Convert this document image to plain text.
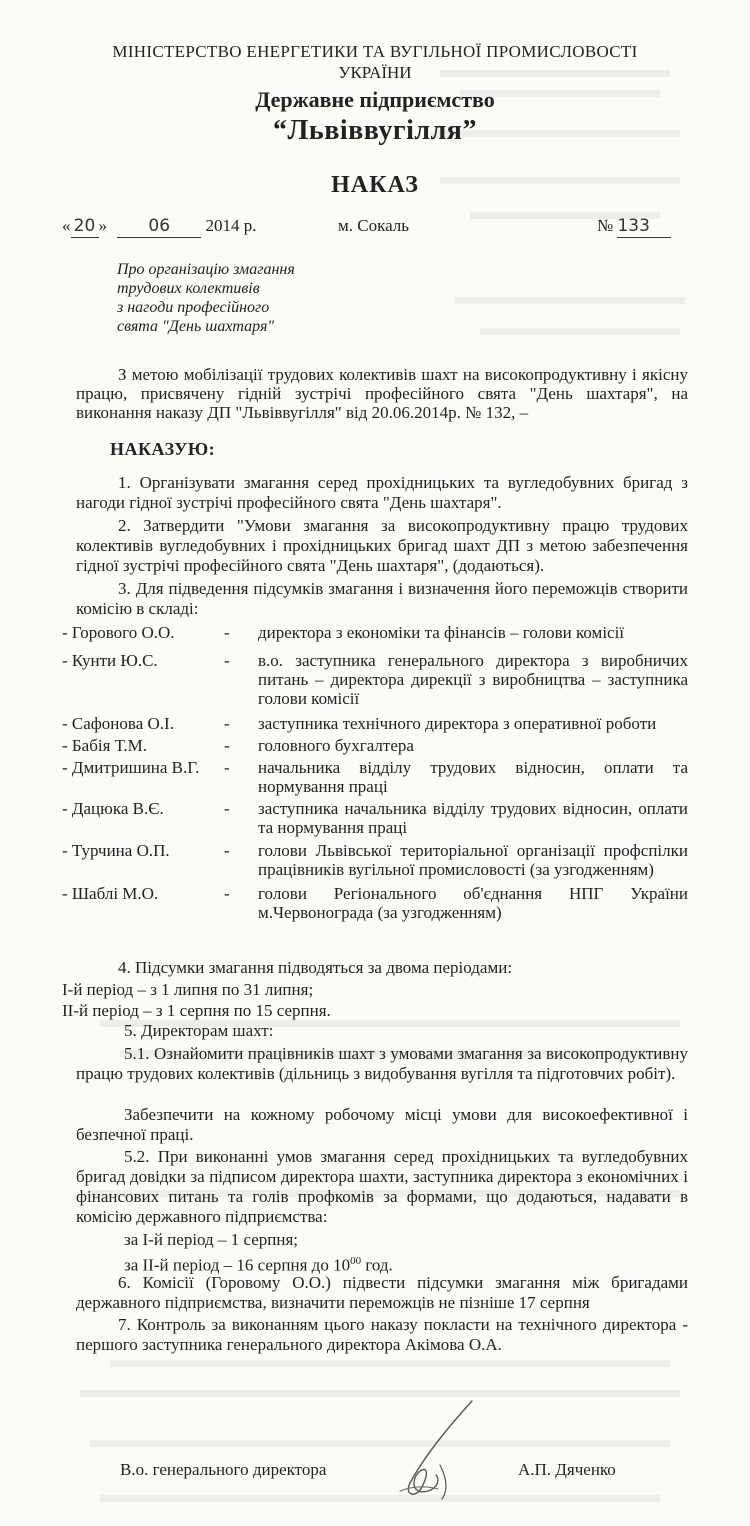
МІНІСТЕРСТВО ЕНЕРГЕТИКИ ТА ВУГІЛЬНОЇ ПРОМИСЛОВОСТІ
УКРАЇНИ
Державне підприємство
“Львіввугілля”
НАКАЗ
« 20 » 06 2014 р.	м. Сокаль	№ 133
Про організацію змагання
трудових колективів
з нагоди професійного
свята "День шахтаря"
З метою мобілізації трудових колективів шахт на високопродуктивну і якісну працю, присвячену гідній зустрічі професійного свята "День шахтаря", на виконання наказу ДП "Львіввугілля" від 20.06.2014р. № 132, –
НАКАЗУЮ:
1. Організувати змагання серед прохідницьких та вугледобувних бригад з нагоди гідної зустрічі професійного свята "День шахтаря".
2. Затвердити "Умови змагання за високопродуктивну працю трудових колективів вугледобувних і прохідницьких бригад шахт ДП з метою забезпечення гідної зустрічі професійного свята "День шахтаря", (додаються).
3. Для підведення підсумків змагання і визначення його переможців створити комісію в складі:
- Горового О.О.	- директора з економіки та фінансів – голови комісії
- Кунти Ю.С.	- в.о. заступника генерального директора з виробничих питань – директора дирекції з виробництва – заступника голови комісії
- Сафонова О.І.	- заступника технічного директора з оперативної роботи
- Бабія Т.М.	- головного бухгалтера
- Дмитришина В.Г.	- начальника відділу трудових відносин, оплати та нормування праці
- Дацюка В.Є.	- заступника начальника відділу трудових відносин, оплати та нормування праці
- Турчина О.П.	- голови Львівської територіальної організації профспілки працівників вугільної промисловості (за узгодженням)
- Шаблі М.О.	- голови Регіонального об'єднання НПГ України м.Червонограда (за узгодженням)
4. Підсумки змагання підводяться за двома періодами:
I-й період – з 1 липня по 31 липня;
II-й період – з 1 серпня по 15 серпня.
5. Директорам шахт:
5.1. Ознайомити працівників шахт з умовами змагання за високопродуктивну працю трудових колективів (дільниць з видобування вугілля та підготовчих робіт).
Забезпечити на кожному робочому місці умови для високоефективної і безпечної праці.
5.2. При виконанні умов змагання серед прохідницьких та вугледобувних бригад довідки за підписом директора шахти, заступника директора з економічних і фінансових питань та голів профкомів за формами, що додаються, надавати в комісію державного підприємства:
за I-й період – 1 серпня;
за II-й період – 16 серпня до $10^{00}$ год.
6. Комісії (Горовому О.О.) підвести підсумки змагання між бригадами державного підприємства, визначити переможців не пізніше 17 серпня
7. Контроль за виконанням цього наказу покласти на технічного директора - першого заступника генерального директора Акімова О.А.
В.о. генерального директора	А.П. Дяченко
